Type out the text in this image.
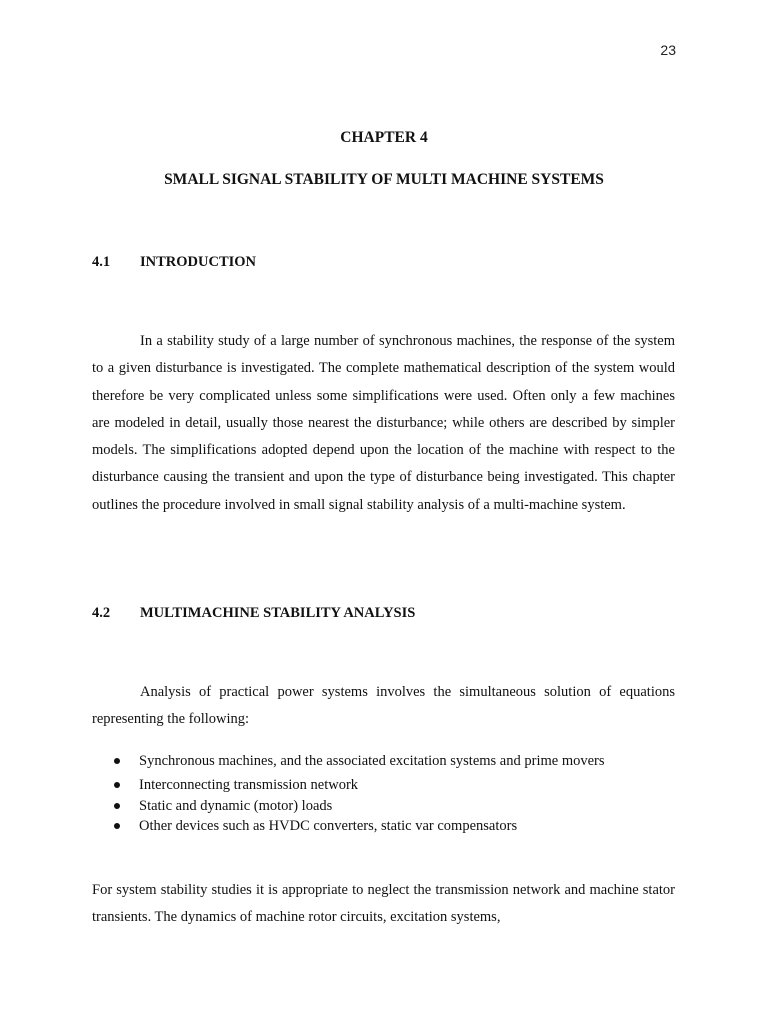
23
CHAPTER 4
SMALL SIGNAL STABILITY OF MULTI MACHINE SYSTEMS
4.1 INTRODUCTION

In a stability study of a large number of synchronous machines, the response of the system to a given disturbance is investigated. The complete mathematical description of the system would therefore be very complicated unless some simplifications were used. Often only a few machines are modeled in detail, usually those nearest the disturbance; while others are described by simpler models. The simplifications adopted depend upon the location of the machine with respect to the disturbance causing the transient and upon the type of disturbance being investigated. This chapter outlines the procedure involved in small signal stability analysis of a multi-machine system.

4.2 MULTIMACHINE STABILITY ANALYSIS

Analysis of practical power systems involves the simultaneous solution of equations representing the following:

Synchronous machines, and the associated excitation systems and prime movers
Interconnecting transmission network
Static and dynamic (motor) loads
Other devices such as HVDC converters, static var compensators

For system stability studies it is appropriate to neglect the transmission network and machine stator transients. The dynamics of machine rotor circuits, excitation systems,
